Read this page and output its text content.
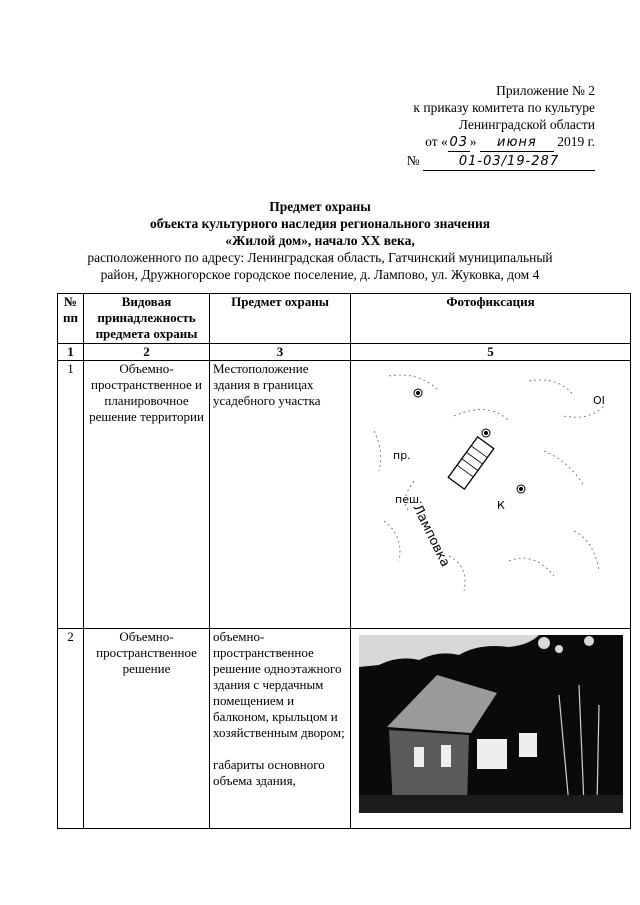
Приложение № 2
к приказу комитета по культуре
Ленинградской области
от « 03 » июня 2019 г.
№	01-03/19-287
Предмет охраны
объекта культурного наследия регионального значения
«Жилой дом», начало XX века,
расположенного по адресу: Ленинградская область, Гатчинский муниципальный
район, Дружногорское городское поселение, д. Лампово, ул. Жуковка, дом 4
№ пп	Видовая принадлежность предмета охраны	Предмет охраны	Фотофиксация
1	2	3	5
1	Объемно-пространственное и планировочное решение территории	Местоположение здания в границах усадебного участка	пр.
пеш. К
ОI
Ламповка

2	Объемно-пространственное решение	объемно-пространственное решение одноэтажного здания с чердачным помещением и балконом, крыльцом и хозяйственным двором;
габариты основного объема здания,
